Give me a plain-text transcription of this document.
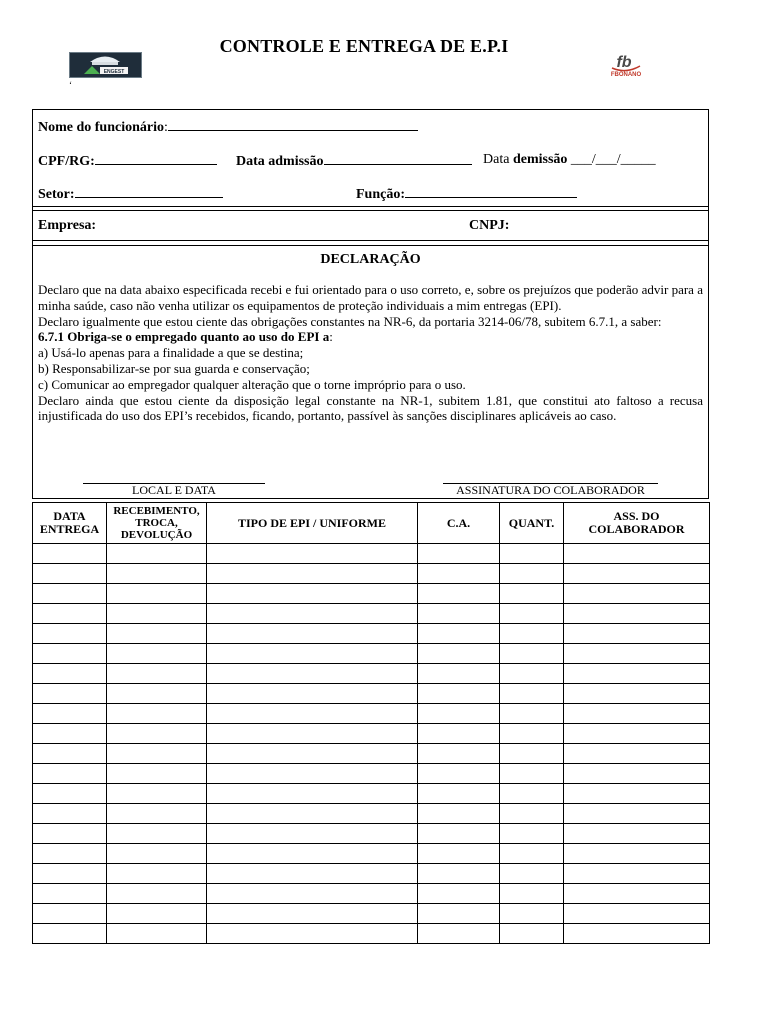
CONTROLE E ENTREGA DE E.P.I
ENGEST
fb
FBONANO
‘
Nome do funcionário:
CPF/RG:	Data admissão	Data demissão ___/___/_____
Setor:	Função:
Empresa:	CNPJ:
DECLARAÇÃO

Declaro que na data abaixo especificada recebi e fui orientado para o uso correto, e, sobre os prejuízos que poderão advir para a minha saúde, caso não venha utilizar os equipamentos de proteção individuais a mim entregas (EPI).

Declaro igualmente que estou ciente das obrigações constantes na NR-6, da portaria 3214-06/78, subitem 6.7.1, a saber:

6.7.1 Obriga-se o empregado quanto ao uso do EPI a:

a) Usá-lo apenas para a finalidade a que se destina;

b) Responsabilizar-se por sua guarda e conservação;

c) Comunicar ao empregador qualquer alteração que o torne impróprio para o uso.

Declaro ainda que estou ciente da disposição legal constante na NR-1, subitem 1.81, que constitui ato faltoso a recusa injustificada do uso dos EPI’s recebidos, ficando, portanto, passível às sanções disciplinares aplicáveis ao caso.

LOCAL E DATA	ASSINATURA DO COLABORADOR
DATA ENTREGA	RECEBIMENTO, TROCA, DEVOLUÇÃO	TIPO DE EPI / UNIFORME	C.A.	QUANT.	ASS. DO COLABORADOR
